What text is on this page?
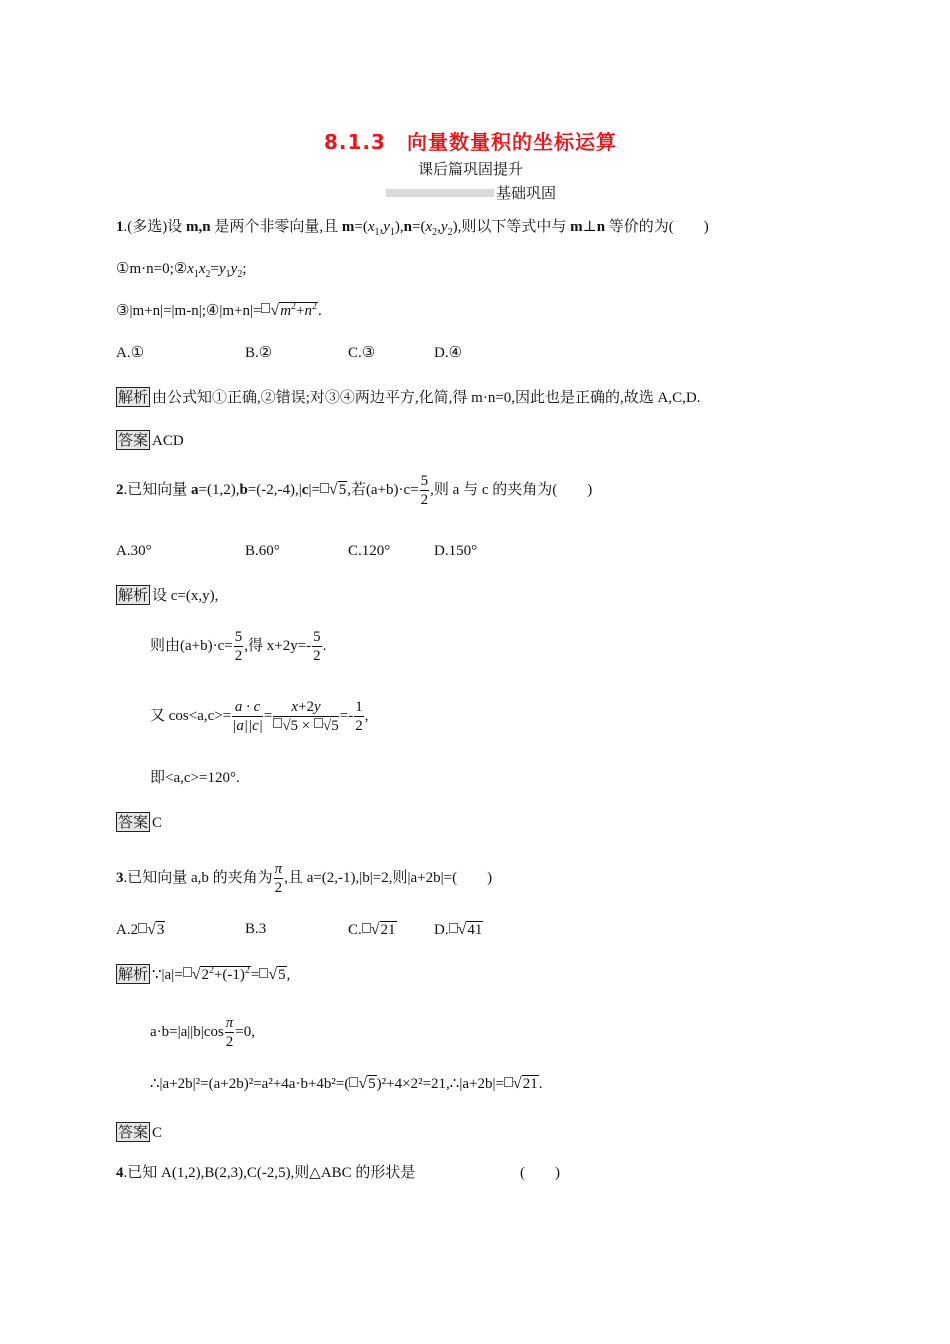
8.1.3　向量数量积的坐标运算
课后篇巩固提升
基础巩固
1.(多选)设 m,n 是两个非零向量,且 $m=(x_1,y_1),n=(x_2,y_2)$,则以下等式中与 m⊥n 等价的为(　　)
$①m\cdot n=0;②x_1x_2=y_1y_2$;
③|m+n|=|m-n|;④|m+n|= $√m^2+n^2$.
A.①	B.②	C.③	D.④
解析 由公式知①正确,②错误;对③④两边平方,化简,得 m·n=0,因此也是正确的,故选 A,C,D.
答案 ACD
2.已知向量 a=(1,2),b=(-2,-4),|c|= √5,若$(a+b)\cdot c= \frac{5}{2}$ ,则 a 与 c 的夹角为(　　)
A.30°	B.60°	C.120°	D.150°
解析 设 c=(x,y),
则由$(a+b)\cdot c= \frac{5}{2}$ ,得 $x+2y=- \frac{5}{2}$ .
又 $\cos<a,c>= \frac{a \cdot c}{|a||c|} = \frac{x+2y}{√5 \times √5} =- \frac{1}{2}$ ,
即<a,c>=120°.
答案 C
3.已知向量 a,b 的夹角为 $\frac{\pi}{2}$ ,且 a=(2,-1),|b|=2,则|a+2b|=(　　)
A.2 √3	B.3	C. √21	D. √41
解析 ∵|a|= $√2^2+(-1)^2= √5$,
$a\cdot b=|a||b|\cos \frac{\pi}{2} =0$,
∴|a+2b|²=(a+2b)²=a²+4a·b+4b²=( √5)²+4×2²=21,∴|a+2b|= √21.
答案 C
4.已知 A(1,2),B(2,3),C(-2,5),则△ABC 的形状是	(　　)
